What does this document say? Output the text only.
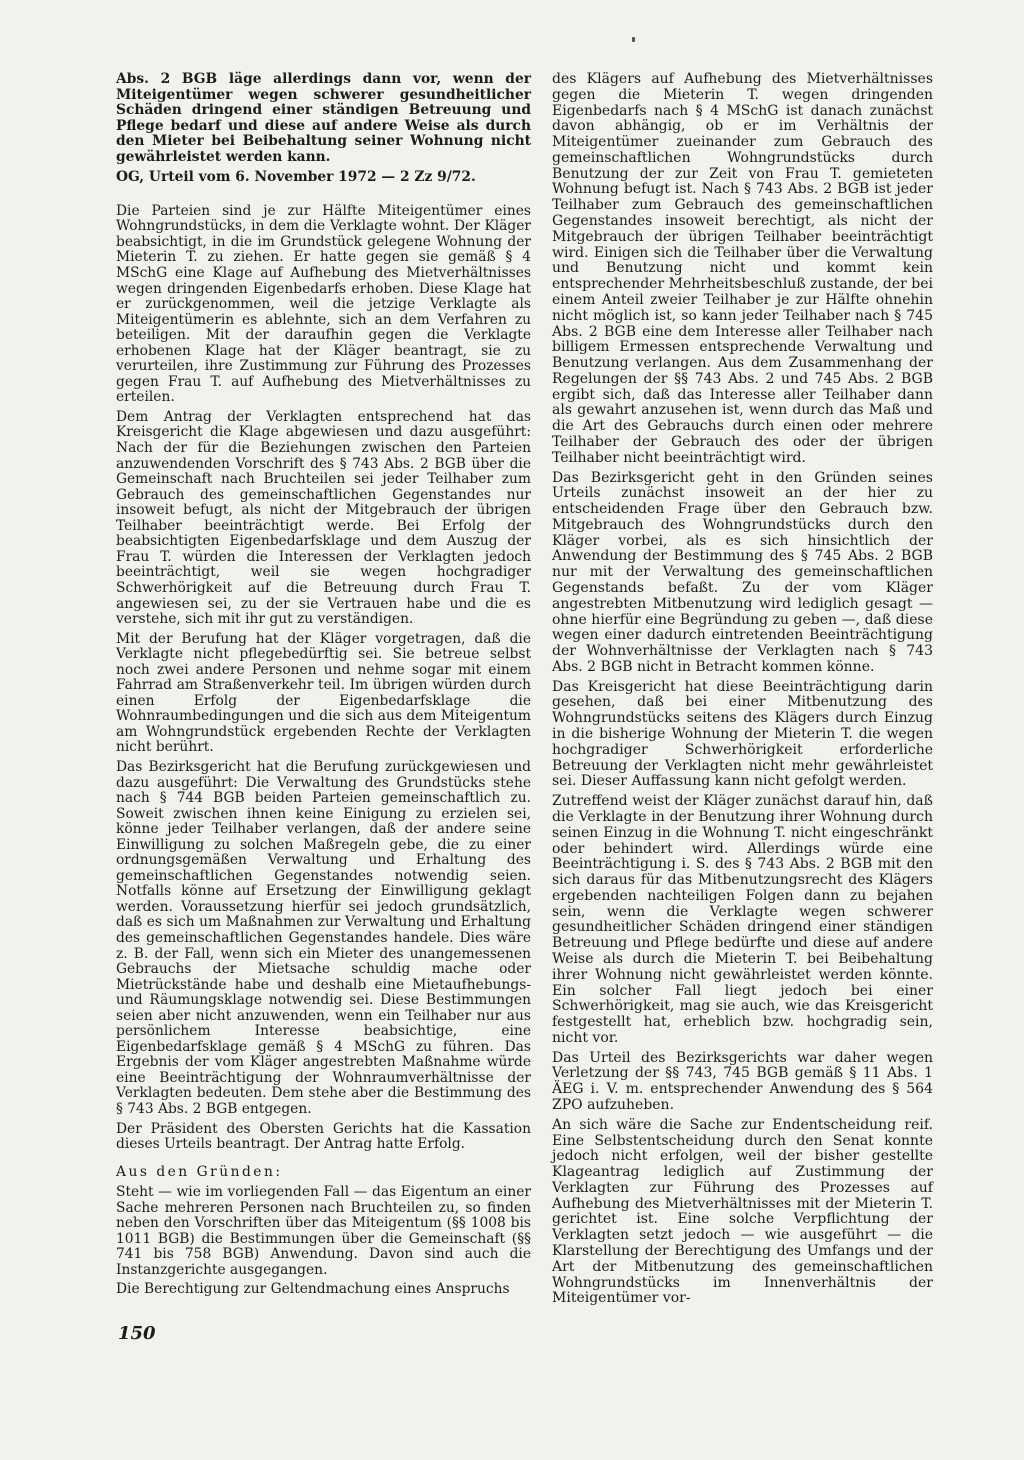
Abs. 2 BGB läge allerdings dann vor, wenn der Miteigentümer wegen schwerer gesundheitlicher Schäden dringend einer ständigen Betreuung und Pflege bedarf und diese auf andere Weise als durch den Mieter bei Beibehaltung seiner Wohnung nicht gewährleistet werden kann.

OG, Urteil vom 6. November 1972 — 2 Zz 9/72.

Die Parteien sind je zur Hälfte Miteigentümer eines Wohngrundstücks, in dem die Verklagte wohnt. Der Kläger beabsichtigt, in die im Grundstück gelegene Wohnung der Mieterin T. zu ziehen. Er hatte gegen sie gemäß § 4 MSchG eine Klage auf Aufhebung des Mietverhältnisses wegen dringenden Eigenbedarfs erhoben. Diese Klage hat er zurückgenommen, weil die jetzige Verklagte als Miteigentümerin es ablehnte, sich an dem Verfahren zu beteiligen. Mit der daraufhin gegen die Verklagte erhobenen Klage hat der Kläger beantragt, sie zu verurteilen, ihre Zustimmung zur Führung des Prozesses gegen Frau T. auf Aufhebung des Mietverhältnisses zu erteilen.

Dem Antrag der Verklagten entsprechend hat das Kreisgericht die Klage abgewiesen und dazu ausgeführt: Nach der für die Beziehungen zwischen den Parteien anzuwendenden Vorschrift des § 743 Abs. 2 BGB über die Gemeinschaft nach Bruchteilen sei jeder Teilhaber zum Gebrauch des gemeinschaftlichen Gegenstandes nur insoweit befugt, als nicht der Mitgebrauch der übrigen Teilhaber beeinträchtigt werde. Bei Erfolg der beabsichtigten Eigenbedarfsklage und dem Auszug der Frau T. würden die Interessen der Verklagten jedoch beeinträchtigt, weil sie wegen hochgradiger Schwerhörigkeit auf die Betreuung durch Frau T. angewiesen sei, zu der sie Vertrauen habe und die es verstehe, sich mit ihr gut zu verständigen.

Mit der Berufung hat der Kläger vorgetragen, daß die Verklagte nicht pflegebedürftig sei. Sie betreue selbst noch zwei andere Personen und nehme sogar mit einem Fahrrad am Straßenverkehr teil. Im übrigen würden durch einen Erfolg der Eigenbedarfsklage die Wohnraumbedingungen und die sich aus dem Miteigentum am Wohngrundstück ergebenden Rechte der Verklagten nicht berührt.

Das Bezirksgericht hat die Berufung zurückgewiesen und dazu ausgeführt: Die Verwaltung des Grundstücks stehe nach § 744 BGB beiden Parteien gemeinschaftlich zu. Soweit zwischen ihnen keine Einigung zu erzielen sei, könne jeder Teilhaber verlangen, daß der andere seine Einwilligung zu solchen Maßregeln gebe, die zu einer ordnungsgemäßen Verwaltung und Erhaltung des gemeinschaftlichen Gegenstandes notwendig seien. Notfalls könne auf Ersetzung der Einwilligung geklagt werden. Voraussetzung hierfür sei jedoch grundsätzlich, daß es sich um Maßnahmen zur Verwaltung und Erhaltung des gemeinschaftlichen Gegenstandes handele. Dies wäre z. B. der Fall, wenn sich ein Mieter des unangemessenen Gebrauchs der Mietsache schuldig mache oder Mietrückstände habe und deshalb eine Mietaufhebungs- und Räumungsklage notwendig sei. Diese Bestimmungen seien aber nicht anzuwenden, wenn ein Teilhaber nur aus persönlichem Interesse beabsichtige, eine Eigenbedarfsklage gemäß § 4 MSchG zu führen. Das Ergebnis der vom Kläger angestrebten Maßnahme würde eine Beeinträchtigung der Wohnraumverhältnisse der Verklagten bedeuten. Dem stehe aber die Bestimmung des § 743 Abs. 2 BGB entgegen.

Der Präsident des Obersten Gerichts hat die Kassation dieses Urteils beantragt. Der Antrag hatte Erfolg.

Aus den Gründen:

Steht — wie im vorliegenden Fall — das Eigentum an einer Sache mehreren Personen nach Bruchteilen zu, so finden neben den Vorschriften über das Miteigentum (§§ 1008 bis 1011 BGB) die Bestimmungen über die Gemeinschaft (§§ 741 bis 758 BGB) Anwendung. Davon sind auch die Instanzgerichte ausgegangen.

Die Berechtigung zur Geltendmachung eines Anspruchs

des Klägers auf Aufhebung des Mietverhältnisses gegen die Mieterin T. wegen dringenden Eigenbedarfs nach § 4 MSchG ist danach zunächst davon abhängig, ob er im Verhältnis der Miteigentümer zueinander zum Gebrauch des gemeinschaftlichen Wohngrundstücks durch Benutzung der zur Zeit von Frau T. gemieteten Wohnung befugt ist. Nach § 743 Abs. 2 BGB ist jeder Teilhaber zum Gebrauch des gemeinschaftlichen Gegenstandes insoweit berechtigt, als nicht der Mitgebrauch der übrigen Teilhaber beeinträchtigt wird. Einigen sich die Teilhaber über die Verwaltung und Benutzung nicht und kommt kein entsprechender Mehrheitsbeschluß zustande, der bei einem Anteil zweier Teilhaber je zur Hälfte ohnehin nicht möglich ist, so kann jeder Teilhaber nach § 745 Abs. 2 BGB eine dem Interesse aller Teilhaber nach billigem Ermessen entsprechende Verwaltung und Benutzung verlangen. Aus dem Zusammenhang der Regelungen der §§ 743 Abs. 2 und 745 Abs. 2 BGB ergibt sich, daß das Interesse aller Teilhaber dann als gewahrt anzusehen ist, wenn durch das Maß und die Art des Gebrauchs durch einen oder mehrere Teilhaber der Gebrauch des oder der übrigen Teilhaber nicht beeinträchtigt wird.

Das Bezirksgericht geht in den Gründen seines Urteils zunächst insoweit an der hier zu entscheidenden Frage über den Gebrauch bzw. Mitgebrauch des Wohngrundstücks durch den Kläger vorbei, als es sich hinsichtlich der Anwendung der Bestimmung des § 745 Abs. 2 BGB nur mit der Verwaltung des gemeinschaftlichen Gegenstands befaßt. Zu der vom Kläger angestrebten Mitbenutzung wird lediglich gesagt — ohne hierfür eine Begründung zu geben —, daß diese wegen einer dadurch eintretenden Beeinträchtigung der Wohnverhältnisse der Verklagten nach § 743 Abs. 2 BGB nicht in Betracht kommen könne.

Das Kreisgericht hat diese Beeinträchtigung darin gesehen, daß bei einer Mitbenutzung des Wohngrundstücks seitens des Klägers durch Einzug in die bisherige Wohnung der Mieterin T. die wegen hochgradiger Schwerhörigkeit erforderliche Betreuung der Verklagten nicht mehr gewährleistet sei. Dieser Auffassung kann nicht gefolgt werden.

Zutreffend weist der Kläger zunächst darauf hin, daß die Verklagte in der Benutzung ihrer Wohnung durch seinen Einzug in die Wohnung T. nicht eingeschränkt oder behindert wird. Allerdings würde eine Beeinträchtigung i. S. des § 743 Abs. 2 BGB mit den sich daraus für das Mitbenutzungsrecht des Klägers ergebenden nachteiligen Folgen dann zu bejahen sein, wenn die Verklagte wegen schwerer gesundheitlicher Schäden dringend einer ständigen Betreuung und Pflege bedürfte und diese auf andere Weise als durch die Mieterin T. bei Beibehaltung ihrer Wohnung nicht gewährleistet werden könnte. Ein solcher Fall liegt jedoch bei einer Schwerhörigkeit, mag sie auch, wie das Kreisgericht festgestellt hat, erheblich bzw. hochgradig sein, nicht vor.

Das Urteil des Bezirksgerichts war daher wegen Verletzung der §§ 743, 745 BGB gemäß § 11 Abs. 1 ÄEG i. V. m. entsprechender Anwendung des § 564 ZPO aufzuheben.

An sich wäre die Sache zur Endentscheidung reif. Eine Selbstentscheidung durch den Senat konnte jedoch nicht erfolgen, weil der bisher gestellte Klageantrag lediglich auf Zustimmung der Verklagten zur Führung des Prozesses auf Aufhebung des Mietverhältnisses mit der Mieterin T. gerichtet ist. Eine solche Verpflichtung der Verklagten setzt jedoch — wie ausgeführt — die Klarstellung der Berechtigung des Umfangs und der Art der Mitbenutzung des gemeinschaftlichen Wohngrundstücks im Innenverhältnis der Miteigentümer vor-

150
